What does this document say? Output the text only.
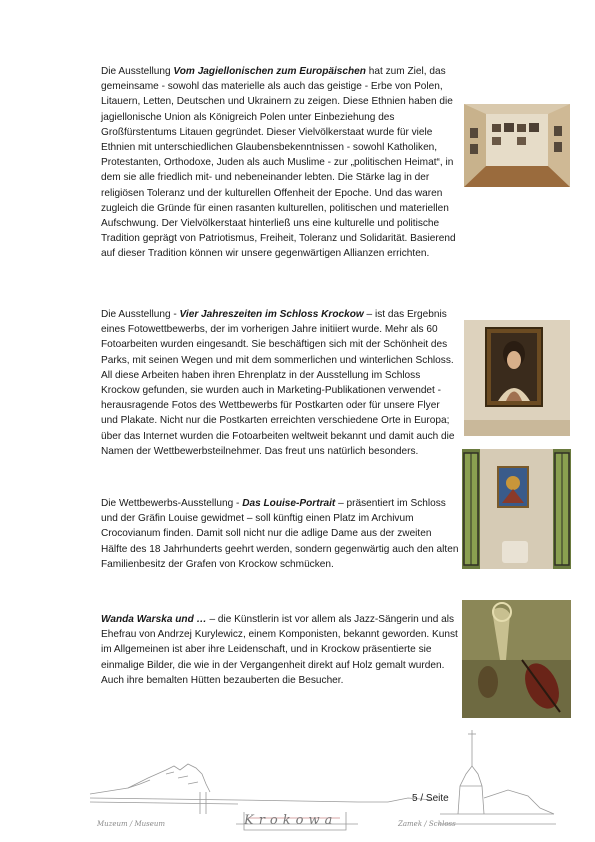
Die Ausstellung Vom Jagiellonischen zum Europäischen hat zum Ziel, das gemeinsame - sowohl das materielle als auch das geistige - Erbe von Polen, Litauern, Letten, Deutschen und Ukrainern zu zeigen. Diese Ethnien haben die jagiellonische Union als Königreich Polen unter Einbeziehung des Großfürstentums Litauen gegründet. Dieser Vielvölkerstaat wurde für viele Ethnien mit unterschiedlichen Glaubensbekenntnissen - sowohl Katholiken, Protestanten, Orthodoxe, Juden als auch Muslime - zur „politischen Heimat“, in dem sie alle friedlich mit- und nebeneinander lebten. Die Stärke lag in der religiösen Toleranz und der kulturellen Offenheit der Epoche. Und das waren zugleich die Gründe für einen rasanten kulturellen, politischen und materiellen Aufschwung. Der Vielvölkerstaat hinterließ uns eine kulturelle und politische Tradition geprägt von Patriotismus, Freiheit, Toleranz und Solidarität. Basierend auf dieser Tradition können wir unsere gegenwärtigen Allianzen errichten.

Die Ausstellung - Vier Jahreszeiten im Schloss Krockow – ist das Ergebnis eines Fotowettbewerbs, der im vorherigen Jahre initiiert wurde. Mehr als 60 Fotoarbeiten wurden eingesandt. Sie beschäftigen sich mit der Schönheit des Parks, mit seinen Wegen und mit dem sommerlichen und winterlichen Schloss. All diese Arbeiten haben ihren Ehrenplatz in der Ausstellung im Schloss Krockow gefunden, sie wurden auch in Marketing-Publikationen verwendet - herausragende Fotos des Wettbewerbs für Postkarten oder für unsere Flyer und Plakate. Nicht nur die Postkarten erreichten verschiedene Orte in Europa; über das Internet wurden die Fotoarbeiten weltweit bekannt und damit auch die Namen der Wettbewerbsteilnehmer. Das freut uns natürlich besonders.

Die Wettbewerbs-Ausstellung - Das Louise-Portrait – präsentiert im Schloss und der Gräfin Louise gewidmet – soll künftig einen Platz im Archivum Crocovianum finden. Damit soll nicht nur die adlige Dame aus der zweiten Hälfte des 18 Jahrhunderts geehrt werden, sondern gegenwärtig auch den alten Familienbesitz der Grafen von Krockow schmücken.

Wanda Warska und … – die Künstlerin ist vor allem als Jazz-Sängerin und als Ehefrau von Andrzej Kurylewicz, einem Komponisten, bekannt geworden. Kunst im Allgemeinen ist aber ihre Leidenschaft, und in Krockow präsentierte sie einmalige Bilder, die wie in der Vergangenheit direkt auf Holz gemalt wurden. Auch ihre bemalten Hütten bezauberten die Besucher.

5 / Seite
Muzeum / Museum	Krokowa	Zamek / Schloss
